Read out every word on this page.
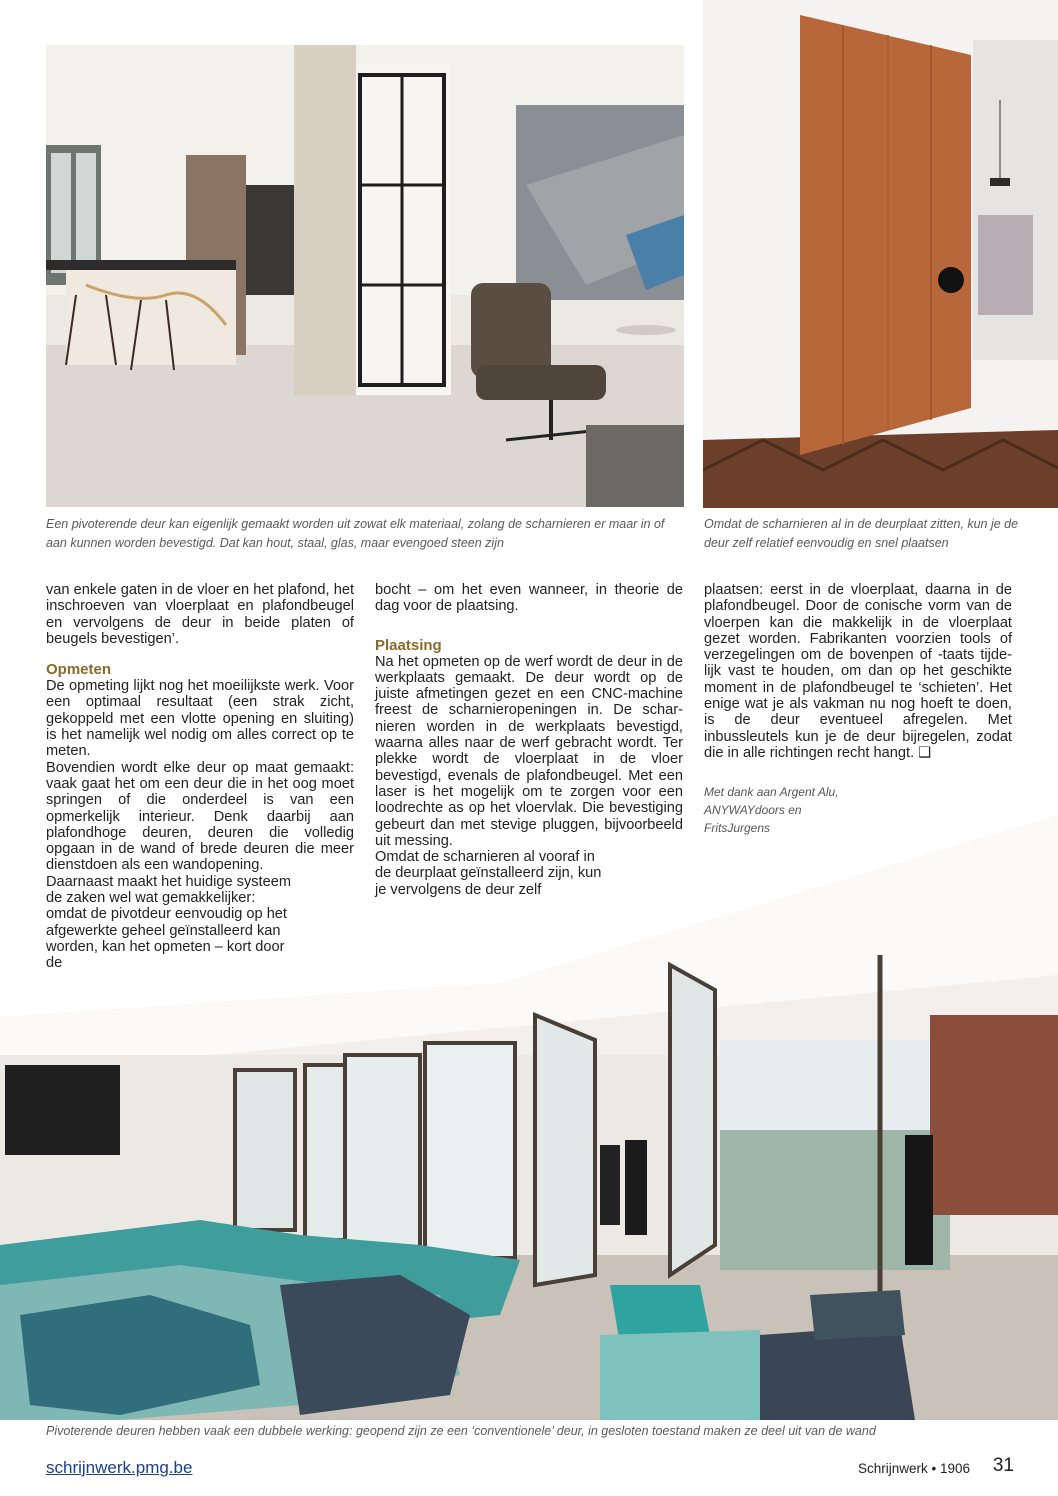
Een pivoterende deur kan eigenlijk gemaakt worden uit zowat elk materiaal, zolang de scharnieren er maar in of aan kunnen worden bevestigd. Dat kan hout, staal, glas, maar evengoed steen zijn
Omdat de scharnieren al in de deurplaat zitten, kun je de deur zelf relatief eenvoudig en snel plaatsen

van enkele gaten in de vloer en het plafond, het inschroeven van vloerplaat en plafondbeugel en vervolgens de deur in beide platen of beugels bevestigen’.

Opmeten

De opmeting lijkt nog het moeilijkste werk. Voor een optimaal resultaat (een strak zicht, gekoppeld met een vlotte opening en sluiting) is het namelijk wel nodig om alles correct op te meten.

Bovendien wordt elke deur op maat gemaakt: vaak gaat het om een deur die in het oog moet springen of die onderdeel is van een opmerkelijk interieur. Denk daarbij aan plafondhoge deuren, deuren die volledig opgaan in de wand of brede deuren die meer dienstdoen als een wandopening.

Daarnaast maakt het huidige systeem de zaken wel wat gemakkelijker: omdat de pivotdeur eenvoudig op het afgewerkte geheel geïnstalleerd kan worden, kan het opmeten – kort door de

bocht – om het even wanneer, in theorie de dag voor de plaatsing.

Plaatsing

Na het opmeten op de werf wordt de deur in de werkplaats gemaakt. De deur wordt op de juiste afmetingen gezet en een CNC-machine freest de scharnieropeningen in. De scharnieren worden in de werkplaats bevestigd, waarna alles naar de werf gebracht wordt. Ter plekke wordt de vloerplaat in de vloer bevestigd, evenals de plafondbeugel. Met een laser is het mogelijk om te zorgen voor een loodrechte as op het vloervlak. Die bevestiging gebeurt dan met stevige pluggen, bijvoorbeeld uit messing.

Omdat de scharnieren al vooraf in de deurplaat geïnstalleerd zijn, kun je vervolgens de deur zelf

plaatsen: eerst in de vloerplaat, daarna in de plafondbeugel. Door de conische vorm van de vloerpen kan die makkelijk in de vloerplaat gezet worden. Fabrikanten voorzien tools of verzegelingen om de bovenpen of -taats tijdelijk vast te houden, om dan op het geschikte moment in de plafondbeugel te ‘schieten’. Het enige wat je als vakman nu nog hoeft te doen, is de deur eventueel afregelen. Met inbussleutels kun je de deur bijregelen, zodat die in alle richtingen recht hangt. ❑

Met dank aan Argent Alu,
ANYWAYdoors en
FritsJurgens
Pivoterende deuren hebben vaak een dubbele werking: geopend zijn ze een ‘conventionele’ deur, in gesloten toestand maken ze deel uit van de wand
schrijnwerk.pmg.be	Schrijnwerk • 1906 31
